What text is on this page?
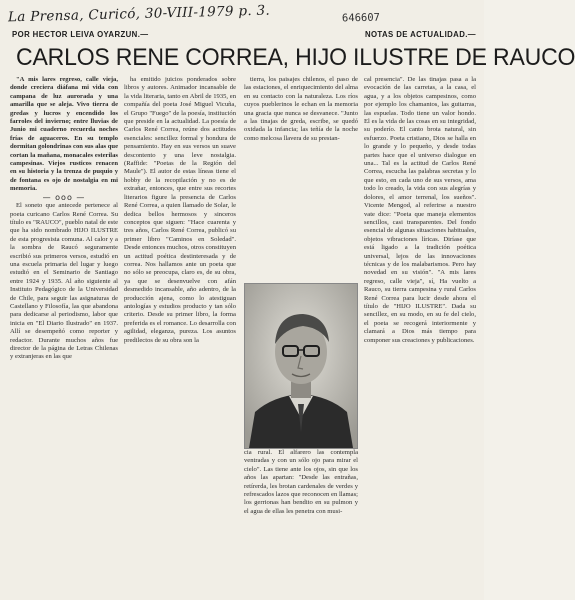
La Prensa, Curicó, 30-VIII-1979 p. 3.	646607
POR HECTOR LEIVA OYARZUN.—	NOTAS DE ACTUALIDAD.—
CARLOS RENE CORREA, HIJO ILUSTRE DE RAUCO

"A mis lares regreso, calle vieja, donde creciera diáfana mi vida con campana de luz aurorada y una amarilla que se aleja. Vivo tierra de gredas y lucros y encendido los farroles del invierno; entre lluvias de Junio mi cuaderno recuerda noches frías de aguaceros. En su templo dormitan golondrinas con sus alas que cortan la mañana, monacales esterilas campesinas. Viejos rusticos renacen en su historia y la trenza de puquio y de fontana es ojo de nostalgia en mi memoria.

— ooo —

El soneto que antecede pertenece al poeta curicano Carlos René Correa. Su título es "RAUCO", pueblo natal de este que ha sido nombrado HIJO ILUSTRE de esta progresista comuna. Al calor y a la sombra de Raucó seguramente escribió sus primeros versos, estudió en una escuela primaria del lugar y luego estudió en el Seminario de Santiago entre 1924 y 1935. Al año siguiente al Instituto Pedagógico de la Universidad de Chile, para seguir las asignaturas de Castellano y Filosofía, las que abandona para dedicarse al periodismo, labor que inicia en "El Diario Ilustrado" en 1937. Allí se desempeñó como reporter y redactor. Durante muchos años fue director de la página de Letras Chilenas y extranjeras en las que

ha emitido juicios ponderados sobre libros y autores. Animador incansable de la vida literaria, tanto en Abril de 1935, en compañía del poeta José Miguel Vicuña, el Grupo "Fuego" de la poesía, institución que preside en la actualidad. La poesía de Carlos René Correa, reúne dos actitudes esenciales: sencillez formal y hondura de pensamiento. Hay en sus versos un suave descontento y una leve nostalgia. (Raffide: "Poetas de la Región del Maule"). El autor de estas líneas tiene el hobby de la recopilación y no es de extrañar, entonces, que entre sus recortes literarios figure la presencia de Carlos René Correa, a quien llamado de Solar, le dedica bellos hermosos y sinceros conceptos que siguen: "Hace cuarenta y tres años, Carlos René Correa, publicó su primer libro "Caminos en Soledad". Desde entonces muchos, otros constituyen un actitud poética destinteresada y de correa. Nos hallamos ante un poeta que no sólo se preocupa, claro es, de su obra, ya que se desenvuelve con afán desmedido incansable, año adentro, de la producción ajena, como lo atestiguan antologías y estudios producto y tan sólo criterio. Desde su primer libro, la forma preferida es el romance. Lo desarrolla con agilidad, eleganza, pureza. Los asuntos predilectos de su obra son la

tierra, los paisajes chilenos, el paso de las estaciones, el enriquecimiento del alma en su contacto con la naturaleza. Los ríos cuyos pueblerinos le echan en la memoria una gracia que nunca se desvanece. "Junto a las tinajas de greda, escribe, se quedó oxidada la infancia; las teñía de la noche como melcosa llavera de su prestan-

cia rural. El alfarero las contempla ventradas y con un sólo ojo para mirar el cielo". Las tiene ante los ojos, sin que los años las apartan: "Desde las entrañas, retírerda, les brotan cardenales de verdes y refrescados lazos que reconocen en llamas; los gerrionas han bendito en su pulmon y el agua de ellas les penetra con musi-

cal presencia". De las tinajas pasa a la evocación de las carretas, a la casa, el agua, y a los objetos campesinos, como por ejemplo los chamantos, las guitarras, las espuelas. Todo tiene un valor hondo. El es la vida de las cosas en su integridad, su poderío. El canto brota natural, sin esfuerzo. Poeta cristiano, Dios se halla en lo grande y lo pequeño, y desde todas partes hace que el universo dialogue en una... Tal es la actitud de Carlos René Correa, escucha las palabras secretas y lo que esto, en cada uno de sus versos, ama todo lo creado, la vida con sus alegrías y dolores, el amor terrenal, los sueños". Vicente Mengod, al referirse a nuestro vate dice: "Poeta que maneja elementos sencillos, casi transparentes. Del fondo esencial de algunas situaciones habituales, objetos vibraciones líricas. Diríase que está ligado a la tradición poética universal, lejos de las innovaciones técnicas y de los malabarismos. Pero hay novedad en su visión". "A mis lares regreso, calle vieja", sí, Ha vuelto a Rauco, su tierra campesina y rural Carlos René Correa para lucir desde ahora el título de "HIJO ILUSTRE". Dada su sencillez, en su modo, en su fe del cielo, el poeta se recogerá interiormente y clamará a Dios más tiempo para componer sus creaciones y publicaciones.
